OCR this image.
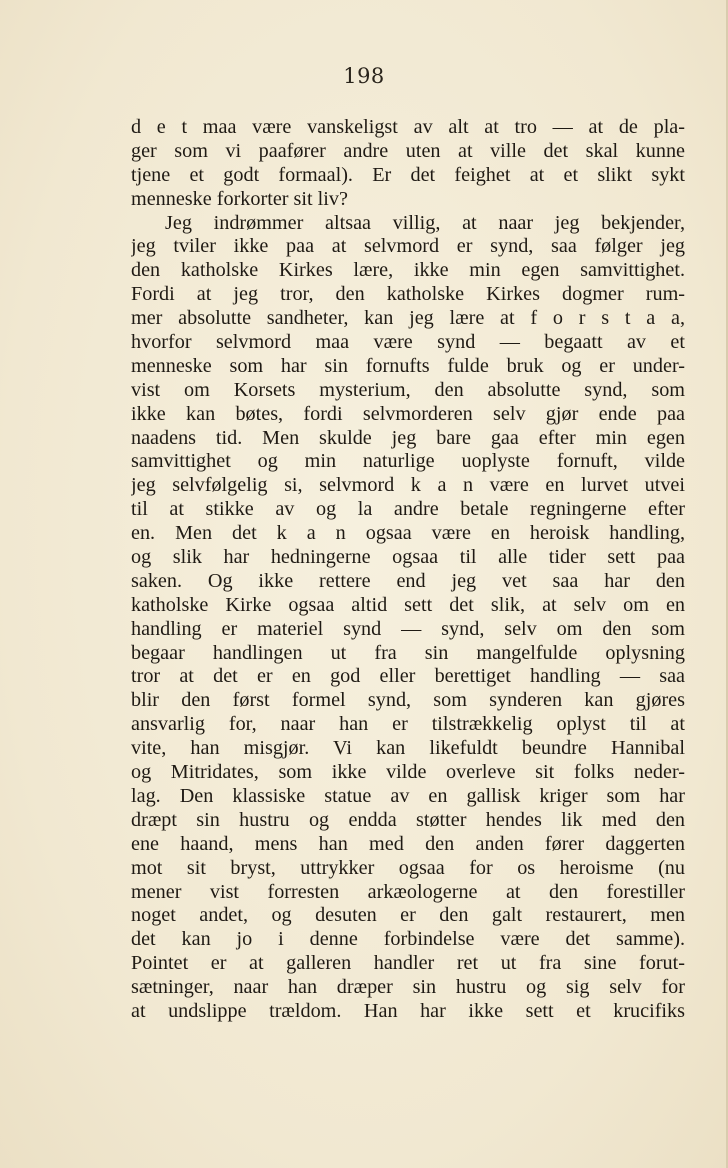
198
d e t maa være vanskeligst av alt at tro — at de pla-
ger som vi paafører andre uten at ville det skal kunne
tjene et godt formaal). Er det feighet at et slikt sykt
menneske forkorter sit liv?
Jeg indrømmer altsaa villig, at naar jeg bekjender,
jeg tviler ikke paa at selvmord er synd, saa følger jeg
den katholske Kirkes lære, ikke min egen samvittighet.
Fordi at jeg tror, den katholske Kirkes dogmer rum-
mer absolutte sandheter, kan jeg lære at f o r s t a a,
hvorfor selvmord maa være synd — begaatt av et
menneske som har sin fornufts fulde bruk og er under-
vist om Korsets mysterium, den absolutte synd, som
ikke kan bøtes, fordi selvmorderen selv gjør ende paa
naadens tid. Men skulde jeg bare gaa efter min egen
samvittighet og min naturlige uoplyste fornuft, vilde
jeg selvfølgelig si, selvmord k a n være en lurvet utvei
til at stikke av og la andre betale regningerne efter
en. Men det k a n ogsaa være en heroisk handling,
og slik har hedningerne ogsaa til alle tider sett paa
saken. Og ikke rettere end jeg vet saa har den
katholske Kirke ogsaa altid sett det slik, at selv om en
handling er materiel synd — synd, selv om den som
begaar handlingen ut fra sin mangelfulde oplysning
tror at det er en god eller berettiget handling — saa
blir den først formel synd, som synderen kan gjøres
ansvarlig for, naar han er tilstrækkelig oplyst til at
vite, han misgjør. Vi kan likefuldt beundre Hannibal
og Mitridates, som ikke vilde overleve sit folks neder-
lag. Den klassiske statue av en gallisk kriger som har
dræpt sin hustru og endda støtter hendes lik med den
ene haand, mens han med den anden fører daggerten
mot sit bryst, uttrykker ogsaa for os heroisme (nu
mener vist forresten arkæologerne at den forestiller
noget andet, og desuten er den galt restaurert, men
det kan jo i denne forbindelse være det samme).
Pointet er at galleren handler ret ut fra sine forut-
sætninger, naar han dræper sin hustru og sig selv for
at undslippe trældom. Han har ikke sett et krucifiks
